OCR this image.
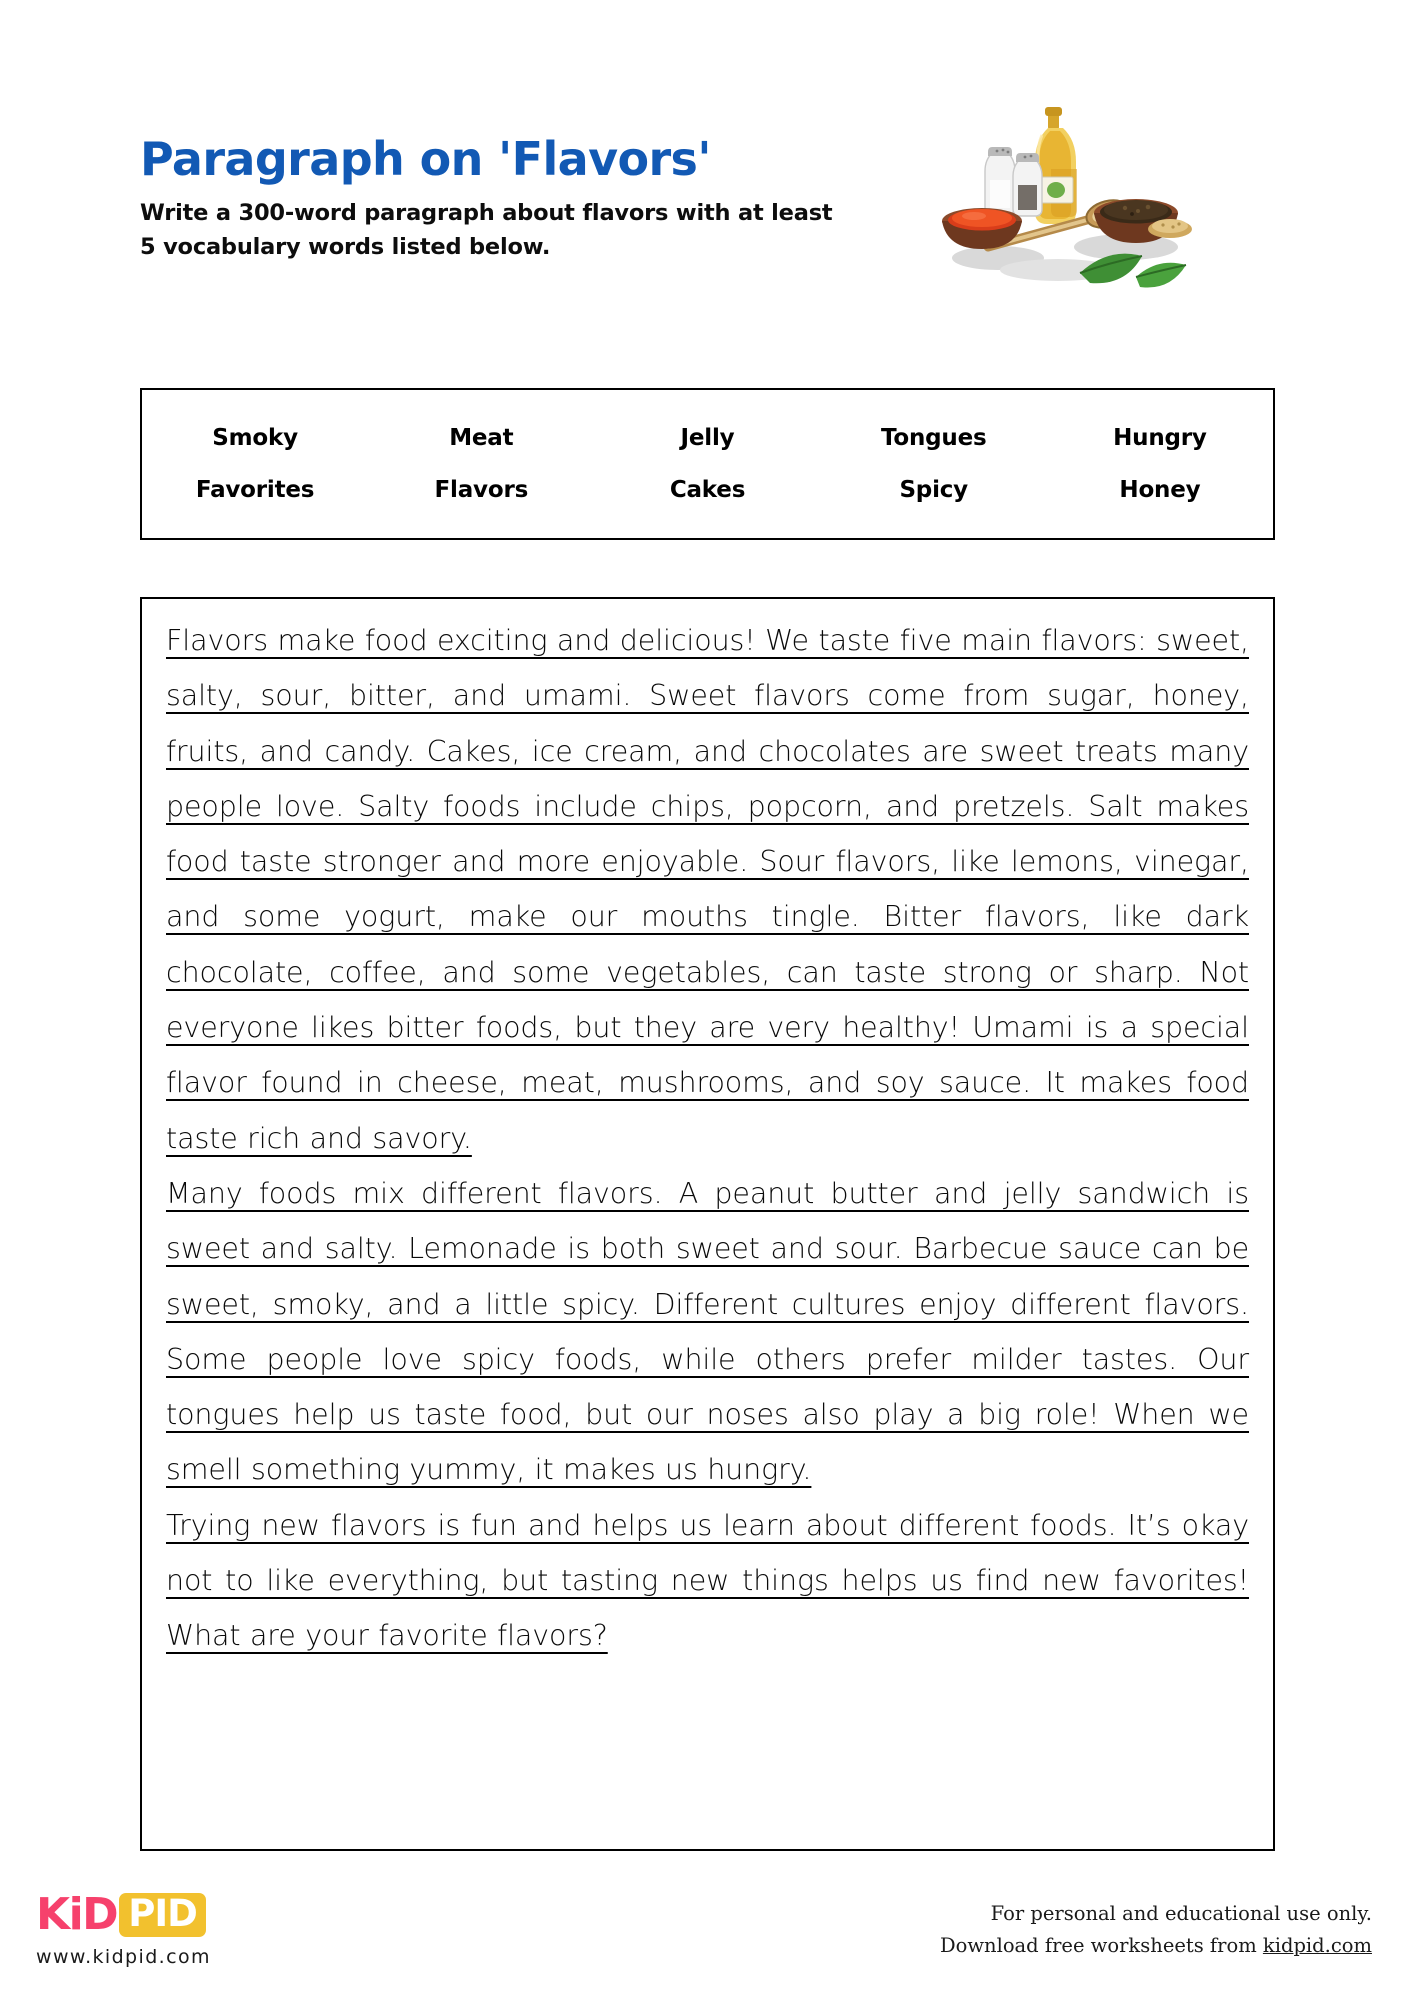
Paragraph on 'Flavors'
Write a 300-word paragraph about flavors with at least 5 vocabulary words listed below.
Smoky	Meat	Jelly	Tongues	Hungry
Favorites	Flavors	Cakes	Spicy	Honey

Flavors make food exciting and delicious! We taste five main flavors: sweet, salty, sour, bitter, and umami. Sweet flavors come from sugar, honey, fruits, and candy. Cakes, ice cream, and chocolates are sweet treats many people love. Salty foods include chips, popcorn, and pretzels. Salt makes food taste stronger and more enjoyable. Sour flavors, like lemons, vinegar, and some yogurt, make our mouths tingle. Bitter flavors, like dark chocolate, coffee, and some vegetables, can taste strong or sharp. Not everyone likes bitter foods, but they are very healthy! Umami is a special flavor found in cheese, meat, mushrooms, and soy sauce. It makes food taste rich and savory.

Many foods mix different flavors. A peanut butter and jelly sandwich is sweet and salty. Lemonade is both sweet and sour. Barbecue sauce can be sweet, smoky, and a little spicy. Different cultures enjoy different flavors. Some people love spicy foods, while others prefer milder tastes. Our tongues help us taste food, but our noses also play a big role! When we smell something yummy, it makes us hungry.

Trying new flavors is fun and helps us learn about different foods. It’s okay not to like everything, but tasting new things helps us find new favorites! What are your favorite flavors?

KiD PID
www.kidpid.com
For personal and educational use only.
Download free worksheets from kidpid.com
